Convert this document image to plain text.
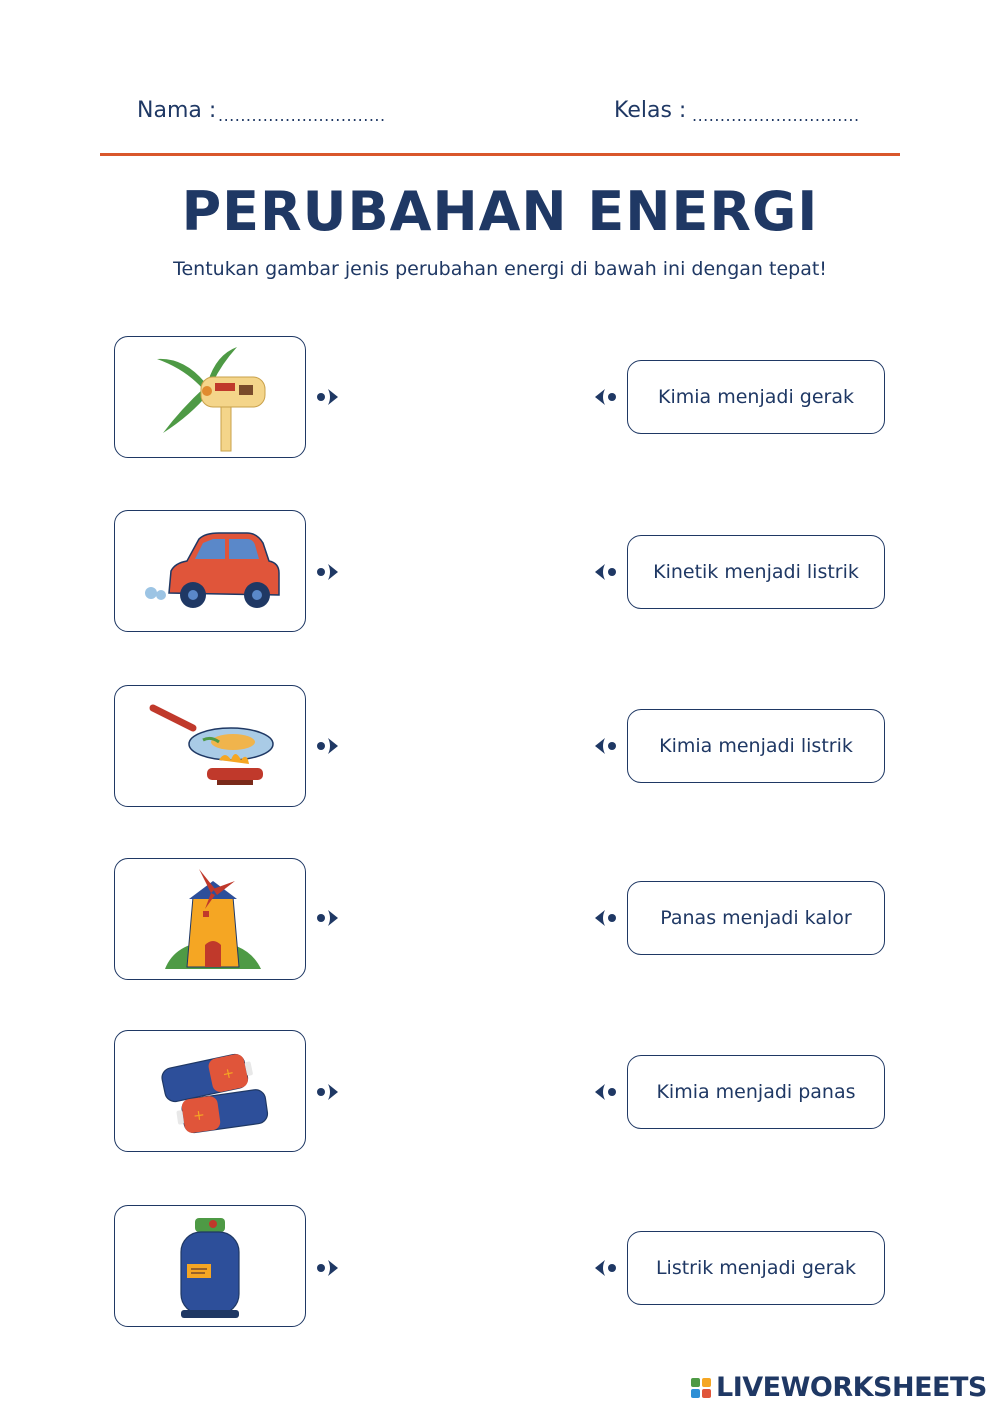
Nama : ..............................	Kelas : ..............................
PERUBAHAN ENERGI
Tentukan gambar jenis perubahan energi di bawah ini dengan tepat!
+
+
Kimia menjadi gerak
Kinetik menjadi listrik
Kimia menjadi listrik
Panas menjadi kalor
Kimia menjadi panas
Listrik menjadi gerak
LIVEWORKSHEETS
